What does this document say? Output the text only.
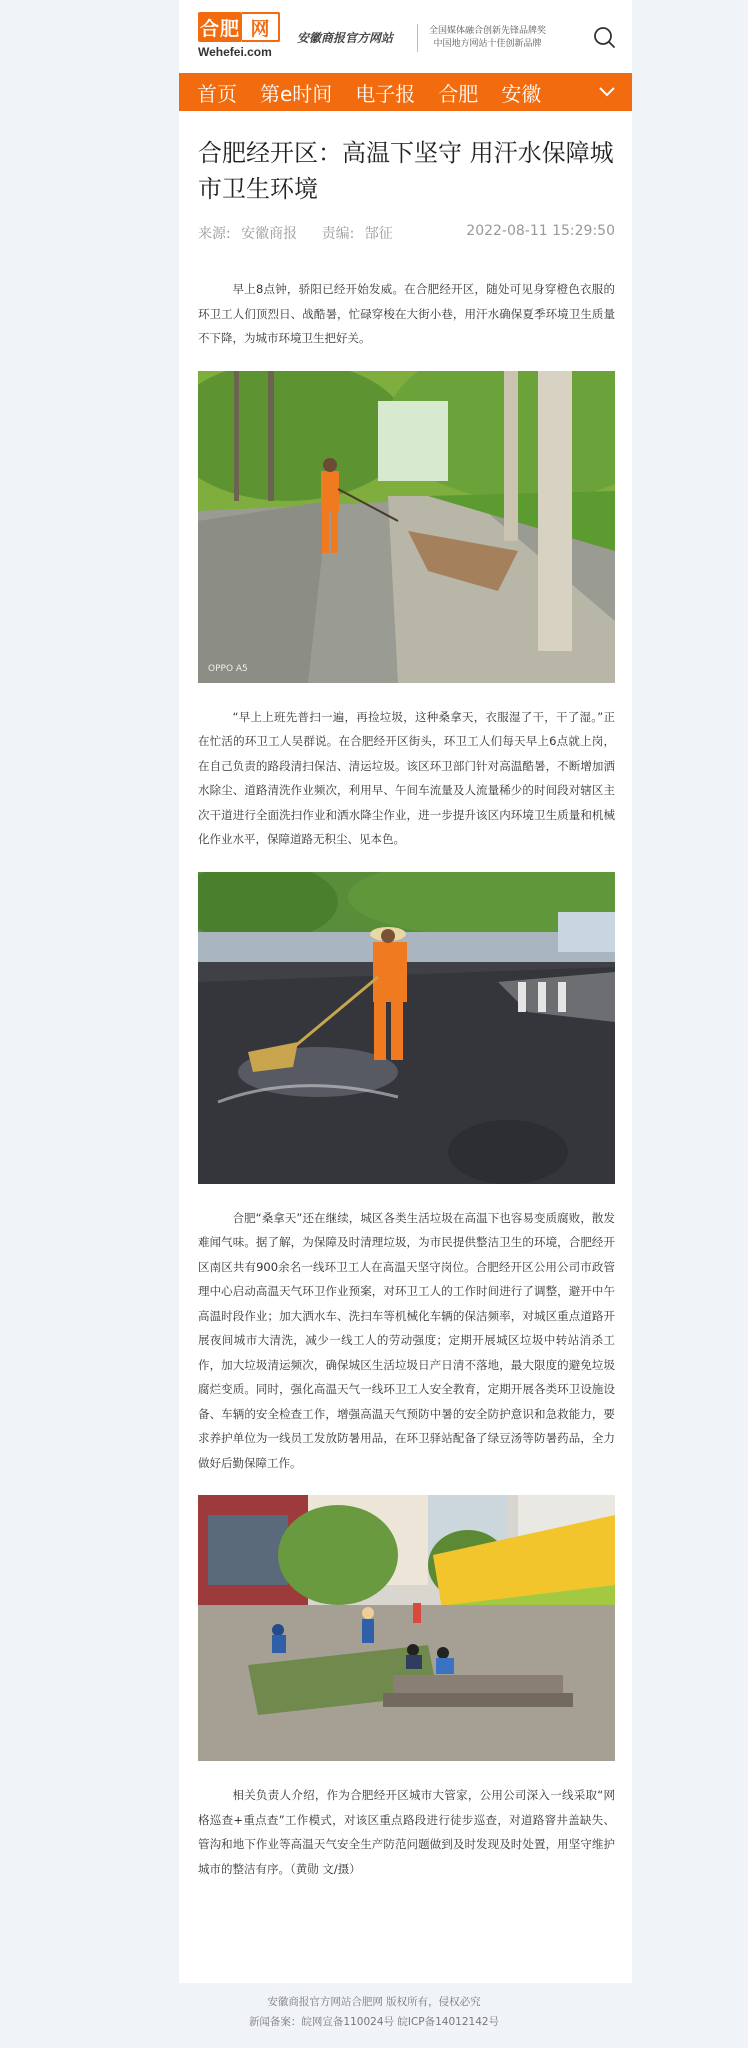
合肥 网
Wehefei.com
安徽商报官方网站	全国媒体融合创新先锋品牌奖
中国地方网站十佳创新品牌
首页 第e时间 电子报 合肥 安徽
合肥经开区：高温下坚守 用汗水保障城市卫生环境
来源: 安徽商报 责编: 郜征	2022-08-11 15:29:50

早上8点钟，骄阳已经开始发威。在合肥经开区，随处可见身穿橙色衣服的环卫工人们顶烈日、战酷暑，忙碌穿梭在大街小巷，用汗水确保夏季环境卫生质量不下降，为城市环境卫生把好关。

OPPO A5

“早上上班先普扫一遍，再捡垃圾，这种桑拿天，衣服湿了干，干了湿。”正在忙活的环卫工人吴群说。在合肥经开区街头，环卫工人们每天早上6点就上岗，在自己负责的路段清扫保洁、清运垃圾。该区环卫部门针对高温酷暑，不断增加洒水除尘、道路清洗作业频次，利用早、午间车流量及人流量稀少的时间段对辖区主次干道进行全面洗扫作业和洒水降尘作业，进一步提升该区内环境卫生质量和机械化作业水平，保障道路无积尘、见本色。

合肥“桑拿天”还在继续，城区各类生活垃圾在高温下也容易变质腐败，散发难闻气味。据了解，为保障及时清理垃圾，为市民提供整洁卫生的环境，合肥经开区南区共有900余名一线环卫工人在高温天坚守岗位。合肥经开区公用公司市政管理中心启动高温天气环卫作业预案，对环卫工人的工作时间进行了调整，避开中午高温时段作业；加大洒水车、洗扫车等机械化车辆的保洁频率，对城区重点道路开展夜间城市大清洗，减少一线工人的劳动强度；定期开展城区垃圾中转站消杀工作，加大垃圾清运频次，确保城区生活垃圾日产日清不落地，最大限度的避免垃圾腐烂变质。同时，强化高温天气一线环卫工人安全教育，定期开展各类环卫设施设备、车辆的安全检查工作，增强高温天气预防中暑的安全防护意识和急救能力，要求养护单位为一线员工发放防暑用品，在环卫驿站配备了绿豆汤等防暑药品，全力做好后勤保障工作。

相关负责人介绍，作为合肥经开区城市大管家，公用公司深入一线采取“网格巡查+重点查”工作模式，对该区重点路段进行徒步巡查，对道路窨井盖缺失、管沟和地下作业等高温天气安全生产防范问题做到及时发现及时处置，用坚守维护城市的整洁有序。（黄勋 文/摄）

安徽商报官方网站合肥网 版权所有，侵权必究
新闻备案：皖网宣备110024号 皖ICP备14012142号
